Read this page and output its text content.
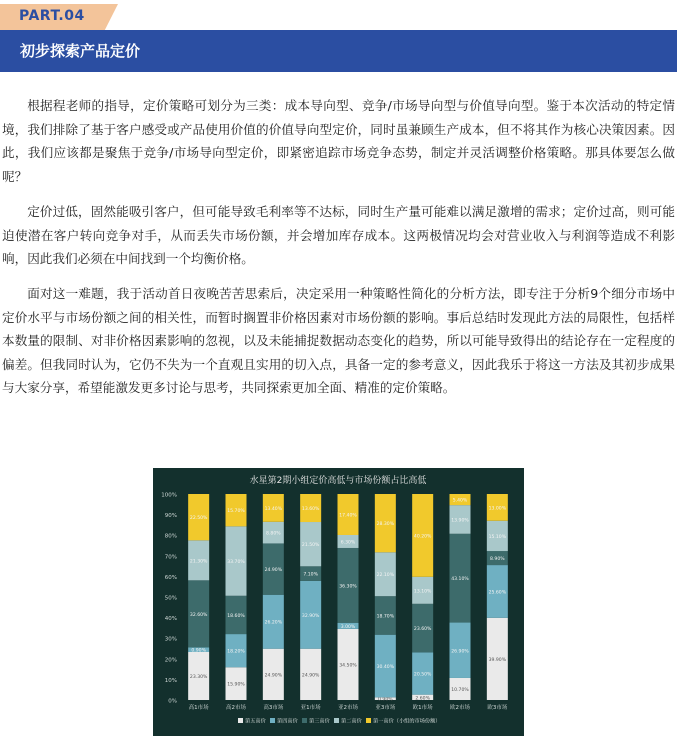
PART.04
初步探索产品定价

根据程老师的指导，定价策略可划分为三类：成本导向型、竞争/市场导向型与价值导向型。鉴于本次活动的特定情境，我们排除了基于客户感受或产品使用价值的价值导向型定价，同时虽兼顾生产成本，但不将其作为核心决策因素。因此，我们应该都是聚焦于竞争/市场导向型定价，即紧密追踪市场竞争态势，制定并灵活调整价格策略。那具体要怎么做呢？

定价过低，固然能吸引客户，但可能导致毛利率等不达标，同时生产量可能难以满足激增的需求；定价过高，则可能迫使潜在客户转向竞争对手，从而丢失市场份额，并会增加库存成本。这两极情况均会对营业收入与利润等造成不利影响，因此我们必须在中间找到一个均衡价格。

面对这一难题，我于活动首日夜晚苦苦思索后，决定采用一种策略性简化的分析方法，即专注于分析9个细分市场中定价水平与市场份额之间的相关性，而暂时搁置非价格因素对市场份额的影响。事后总结时发现此方法的局限性，包括样本数量的限制、对非价格因素影响的忽视，以及未能捕捉数据动态变化的趋势，所以可能导致得出的结论存在一定程度的偏差。但我同时认为，它仍不失为一个直观且实用的切入点，具备一定的参考意义，因此我乐于将这一方法及其初步成果与大家分享，希望能激发更多讨论与思考，共同探索更加全面、精准的定价策略。

水星第2期小组定价高低与市场份额占比高低
0%
10%
20%
30%
40%
50%
60%
70%
80%
90%
100%
23.30%
0.90%
32.60%
21.30%
22.50%
15.90%
18.20%
18.60%
33.70%
15.70%
24.90%
26.20%
24.90%
8.80%
13.40%
24.90%
32.90%
7.10%
21.50%
13.60%
34.50%
3.00%
36.30%
6.30%
17.40%
0.90%
30.40%
18.70%
22.10%
28.30%
2.60%
20.50%
23.60%
13.10%
40.20%
10.70%
26.90%
43.10%
13.90%
5.40%
39.90%
25.60%
8.90%
15.10%
13.00%
高1市场	高2市场	高3市场	亚1市场	亚2市场	亚3市场	欧1市场	欧2市场	欧3市场
第五高价 第四高价 第三高价 第二高价 第一高价（小组的市场份额）
